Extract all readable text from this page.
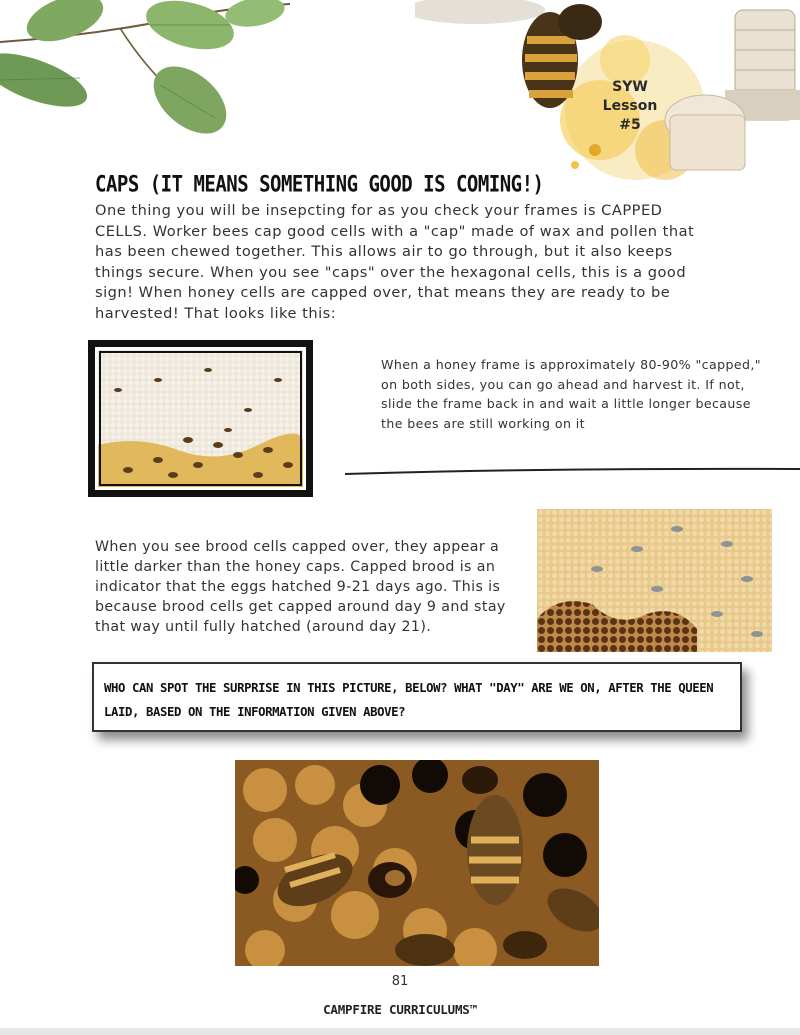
SYW
Lesson
#5
CAPS (IT MEANS SOMETHING GOOD IS COMING!)
One thing you will be insepcting for as you check your frames is CAPPED CELLS. Worker bees cap good cells with a "cap" made of wax and pollen that has been chewed together. This allows air to go through, but it also keeps things secure. When you see "caps" over the hexagonal cells, this is a good sign! When honey cells are capped over, that means they are ready to be harvested! That looks like this:
When a honey frame is approximately 80-90% "capped," on both sides, you can go ahead and harvest it. If not, slide the frame back in and wait a little longer because the bees are still working on it
When you see brood cells capped over, they appear a little darker than the honey caps. Capped brood is an indicator that the eggs hatched 9-21 days ago. This is because brood cells get capped around day 9 and stay that way until fully hatched (around day 21).
WHO CAN SPOT THE SURPRISE IN THIS PICTURE, BELOW? WHAT "DAY" ARE WE ON, AFTER THE QUEEN LAID, BASED ON THE INFORMATION GIVEN ABOVE?
81
CAMPFIRE CURRICULUMS™
